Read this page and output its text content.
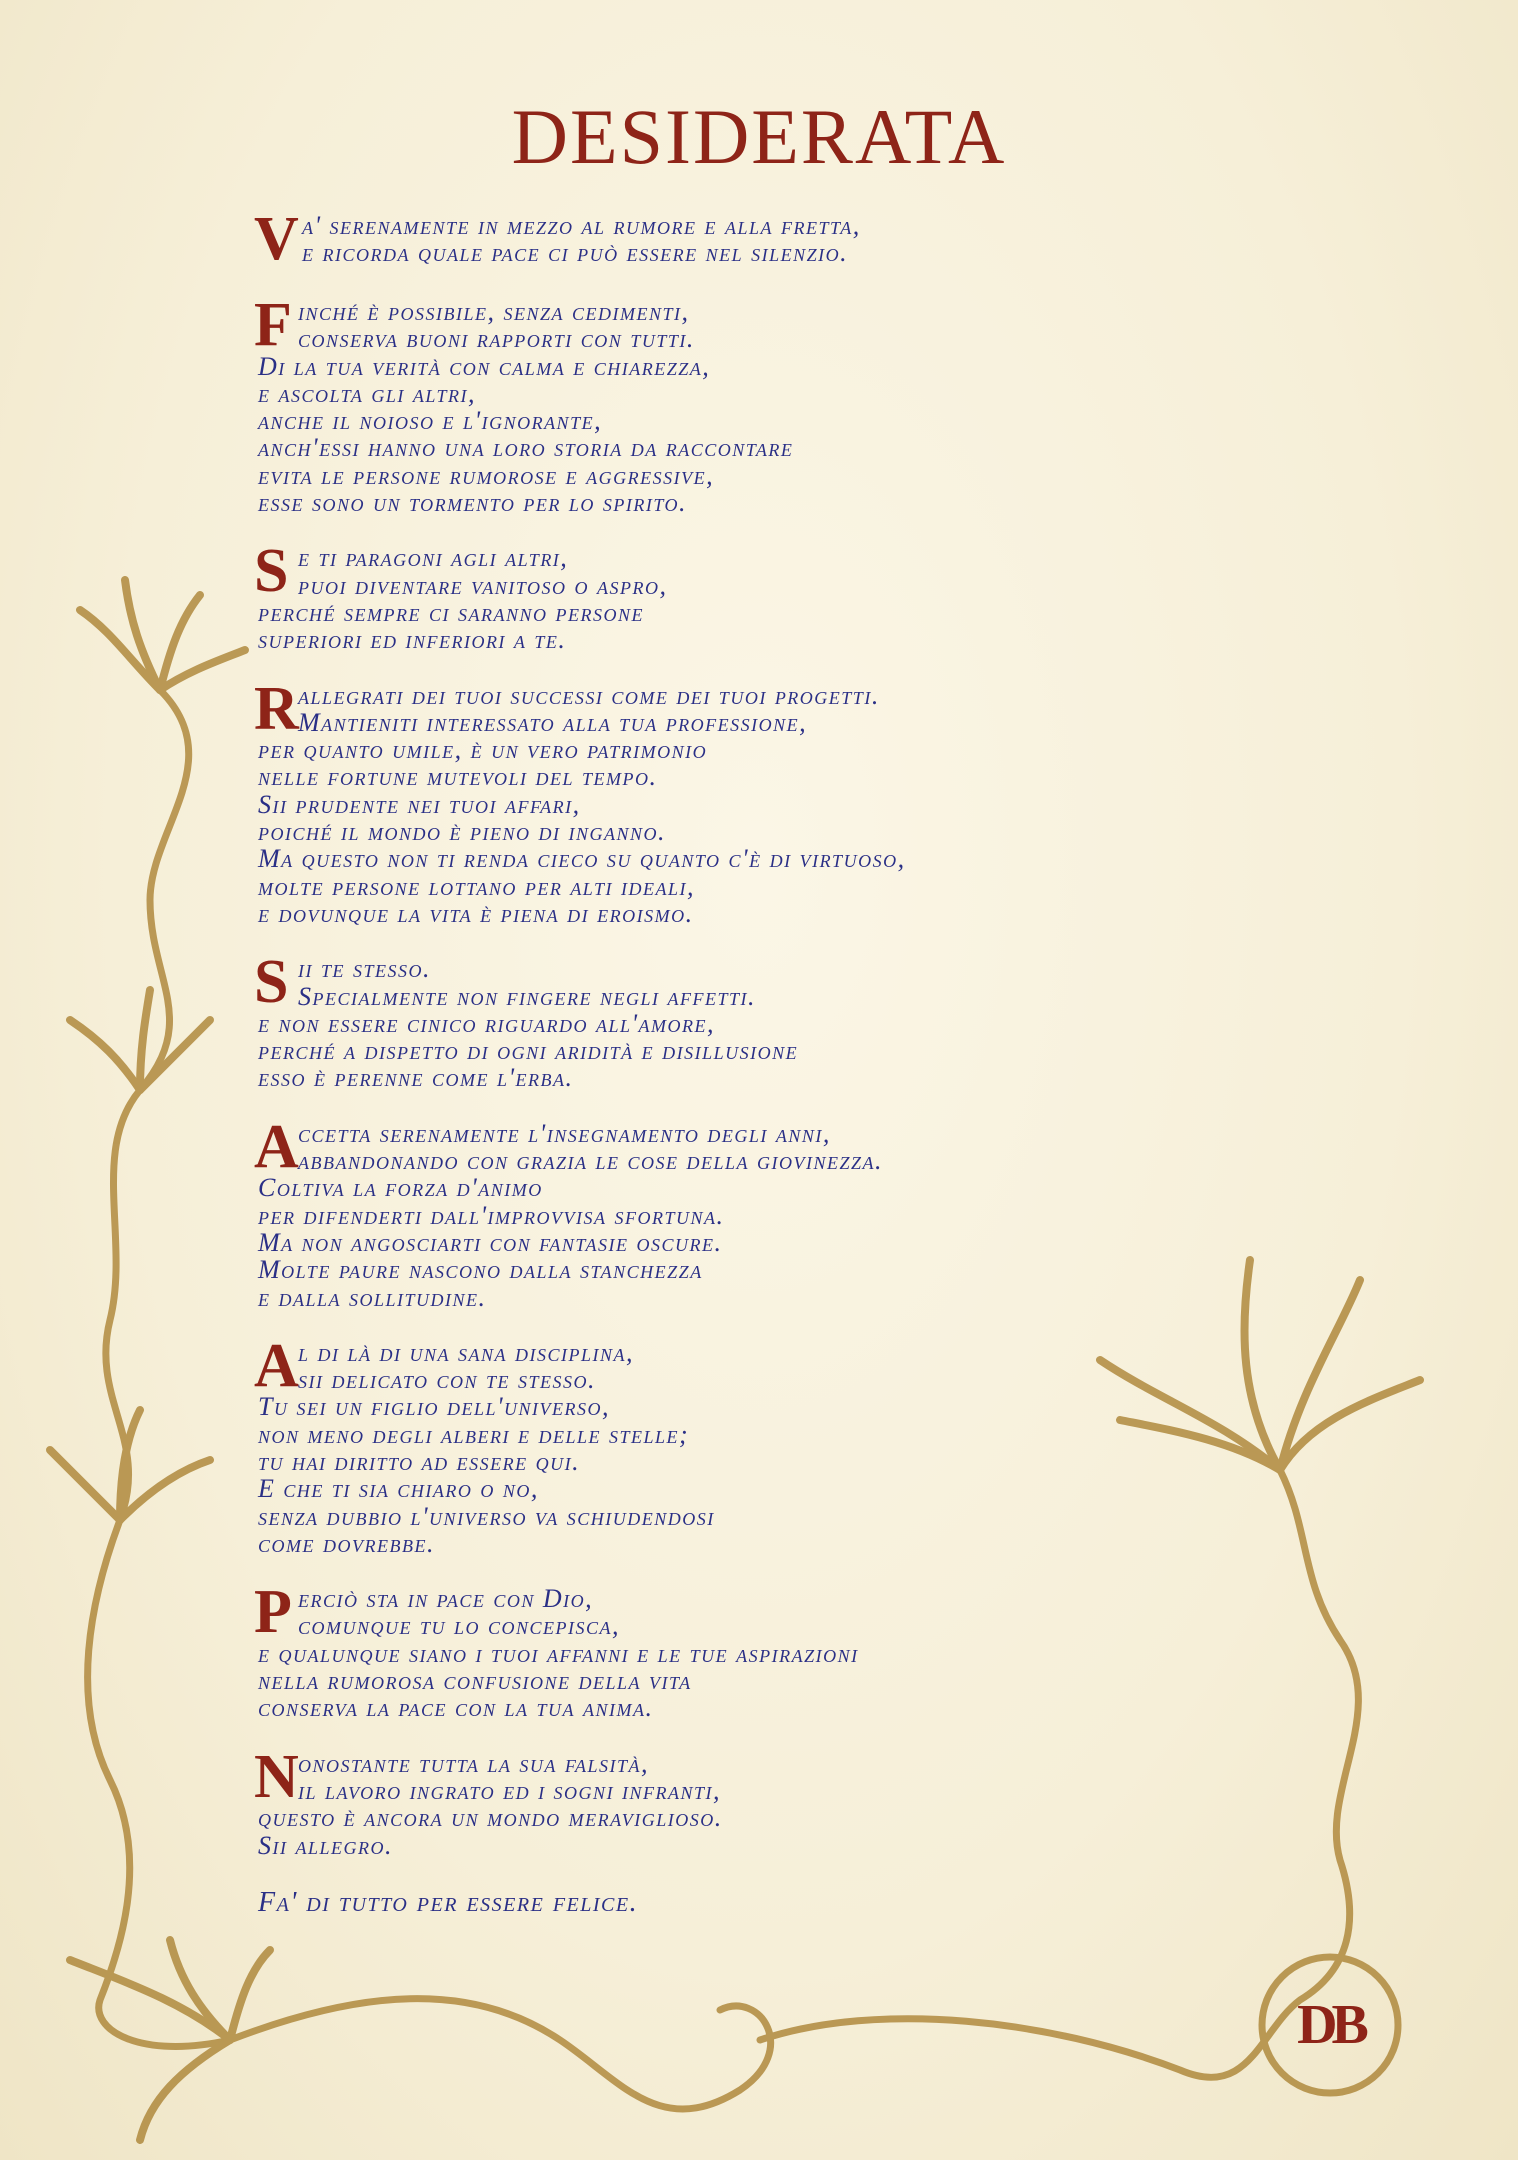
DESIDERATA
V a' serenamente in mezzo al rumore e alla fretta,
e ricorda quale pace ci può essere nel silenzio.
F inché è possibile, senza cedimenti,
conserva buoni rapporti con tutti.
Di la tua verità con calma e chiarezza,
e ascolta gli altri,
anche il noioso e l'ignorante,
anch'essi hanno una loro storia da raccontare
evita le persone rumorose e aggressive,
esse sono un tormento per lo spirito.
S e ti paragoni agli altri,
puoi diventare vanitoso o aspro,
perché sempre ci saranno persone
superiori ed inferiori a te.
R allegrati dei tuoi successi come dei tuoi progetti.
Mantieniti interessato alla tua professione,
per quanto umile, è un vero patrimonio
nelle fortune mutevoli del tempo.
Sii prudente nei tuoi affari,
poiché il mondo è pieno di inganno.
Ma questo non ti renda cieco su quanto c'è di virtuoso,
molte persone lottano per alti ideali,
e dovunque la vita è piena di eroismo.
S ii te stesso.
Specialmente non fingere negli affetti.
e non essere cinico riguardo all'amore,
perché a dispetto di ogni aridità e disillusione
esso è perenne come l'erba.
A ccetta serenamente l'insegnamento degli anni,
abbandonando con grazia le cose della giovinezza.
Coltiva la forza d'animo
per difenderti dall'improvvisa sfortuna.
Ma non angosciarti con fantasie oscure.
Molte paure nascono dalla stanchezza
e dalla sollitudine.
A l di là di una sana disciplina,
sii delicato con te stesso.
Tu sei un figlio dell'universo,
non meno degli alberi e delle stelle;
tu hai diritto ad essere qui.
E che ti sia chiaro o no,
senza dubbio l'universo va schiudendosi
come dovrebbe.
P erciò sta in pace con Dio,
comunque tu lo concepisca,
e qualunque siano i tuoi affanni e le tue aspirazioni
nella rumorosa confusione della vita
conserva la pace con la tua anima.
N onostante tutta la sua falsità,
il lavoro ingrato ed i sogni infranti,
questo è ancora un mondo meraviglioso.
Sii allegro.
Fa' di tutto per essere felice.
DB
